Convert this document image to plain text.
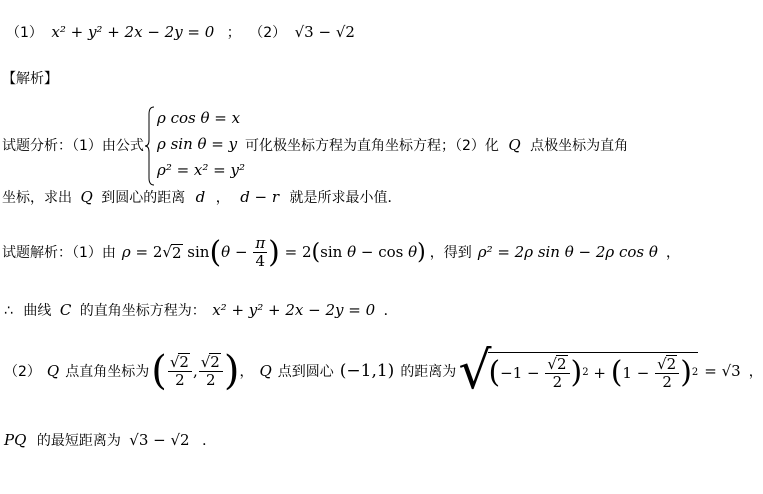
（1） x² + y² + 2x − 2y = 0 ； （2） √3 − √2
【解析】
试题分析：（1）由公式
ρ cos θ = x
ρ sin θ = y
ρ² = x² = y²
可化极坐标方程为直角坐标方程；（2）化 Q 点极坐标为直角
坐标，求出 Q 到圆心的距离 d ， d − r 就是所求最小值．
试题解析：（1）由 ρ = 2 √ 2 sin ( $\theta - \frac{\pi}{4}$ ) = 2 ( sin θ − cos θ ) ，得到 ρ² = 2ρ sin θ − 2ρ cos θ ，
∴ 曲线 C 的直角坐标方程为： x² + y² + 2x − 2y = 0 ．
（2） Q 点直角坐标为 ( $\frac{√2}{2}$ , $\frac{√2}{2}$ ) ， Q 点到圆心 (−1,1) 的距离为 √
( $-1 - \frac{√2}{2}$ ) 2 + ( $1 - \frac{√2}{2}$ ) 2 = √3 ，
PQ 的最短距离为 √3 − √2 ．
